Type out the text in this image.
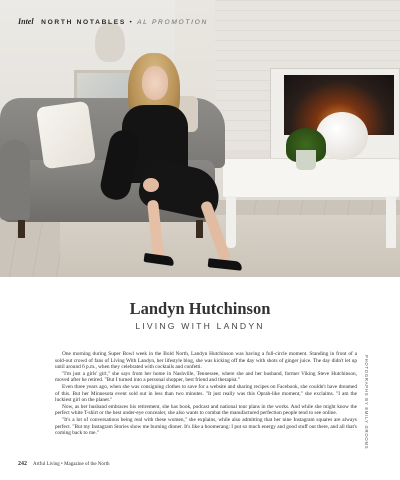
Intel NORTH NOTABLES • AL PROMOTION
Landyn Hutchinson
LIVING WITH LANDYN

One morning during Super Bowl week in the Bold North, Landyn Hutchinson was having a full-circle moment. Standing in front of a sold-out crowd of fans of Living With Landyn, her lifestyle blog, she was kicking off the day with shots of ginger juice. The day didn't let up until around 6 p.m., when they celebrated with cocktails and confetti.

"I'm just a girls' girl," she says from her home in Nashville, Tennessee, where she and her husband, former Viking Steve Hutchinson, moved after he retired. "But I turned into a personal shopper, best friend and therapist."

Even three years ago, when she was consigning clothes to save for a website and sharing recipes on Facebook, she couldn't have dreamed of this. But her Minnesota event sold out in less than two minutes. "It just really was this Oprah-like moment," she exclaims. "I am the luckiest girl on the planet."

Now, as her husband embraces his retirement, she has book, podcast and national tour plans in the works. And while she might know the perfect white T-shirt or the best under-eye concealer, she also wants to combat the manufactured perfection people tend to see online.

"It's a lot of conversations being real with these women," she explains, while also admitting that her nine Instagram squares are always perfect. "But my Instagram Stories show me burning dinner. It's like a boomerang: I put so much energy and good stuff out there, and all that's coming back to me."	PHOTOGRAPHS BY EMILY GROOMS
242 Artful Living • Magazine of the North
